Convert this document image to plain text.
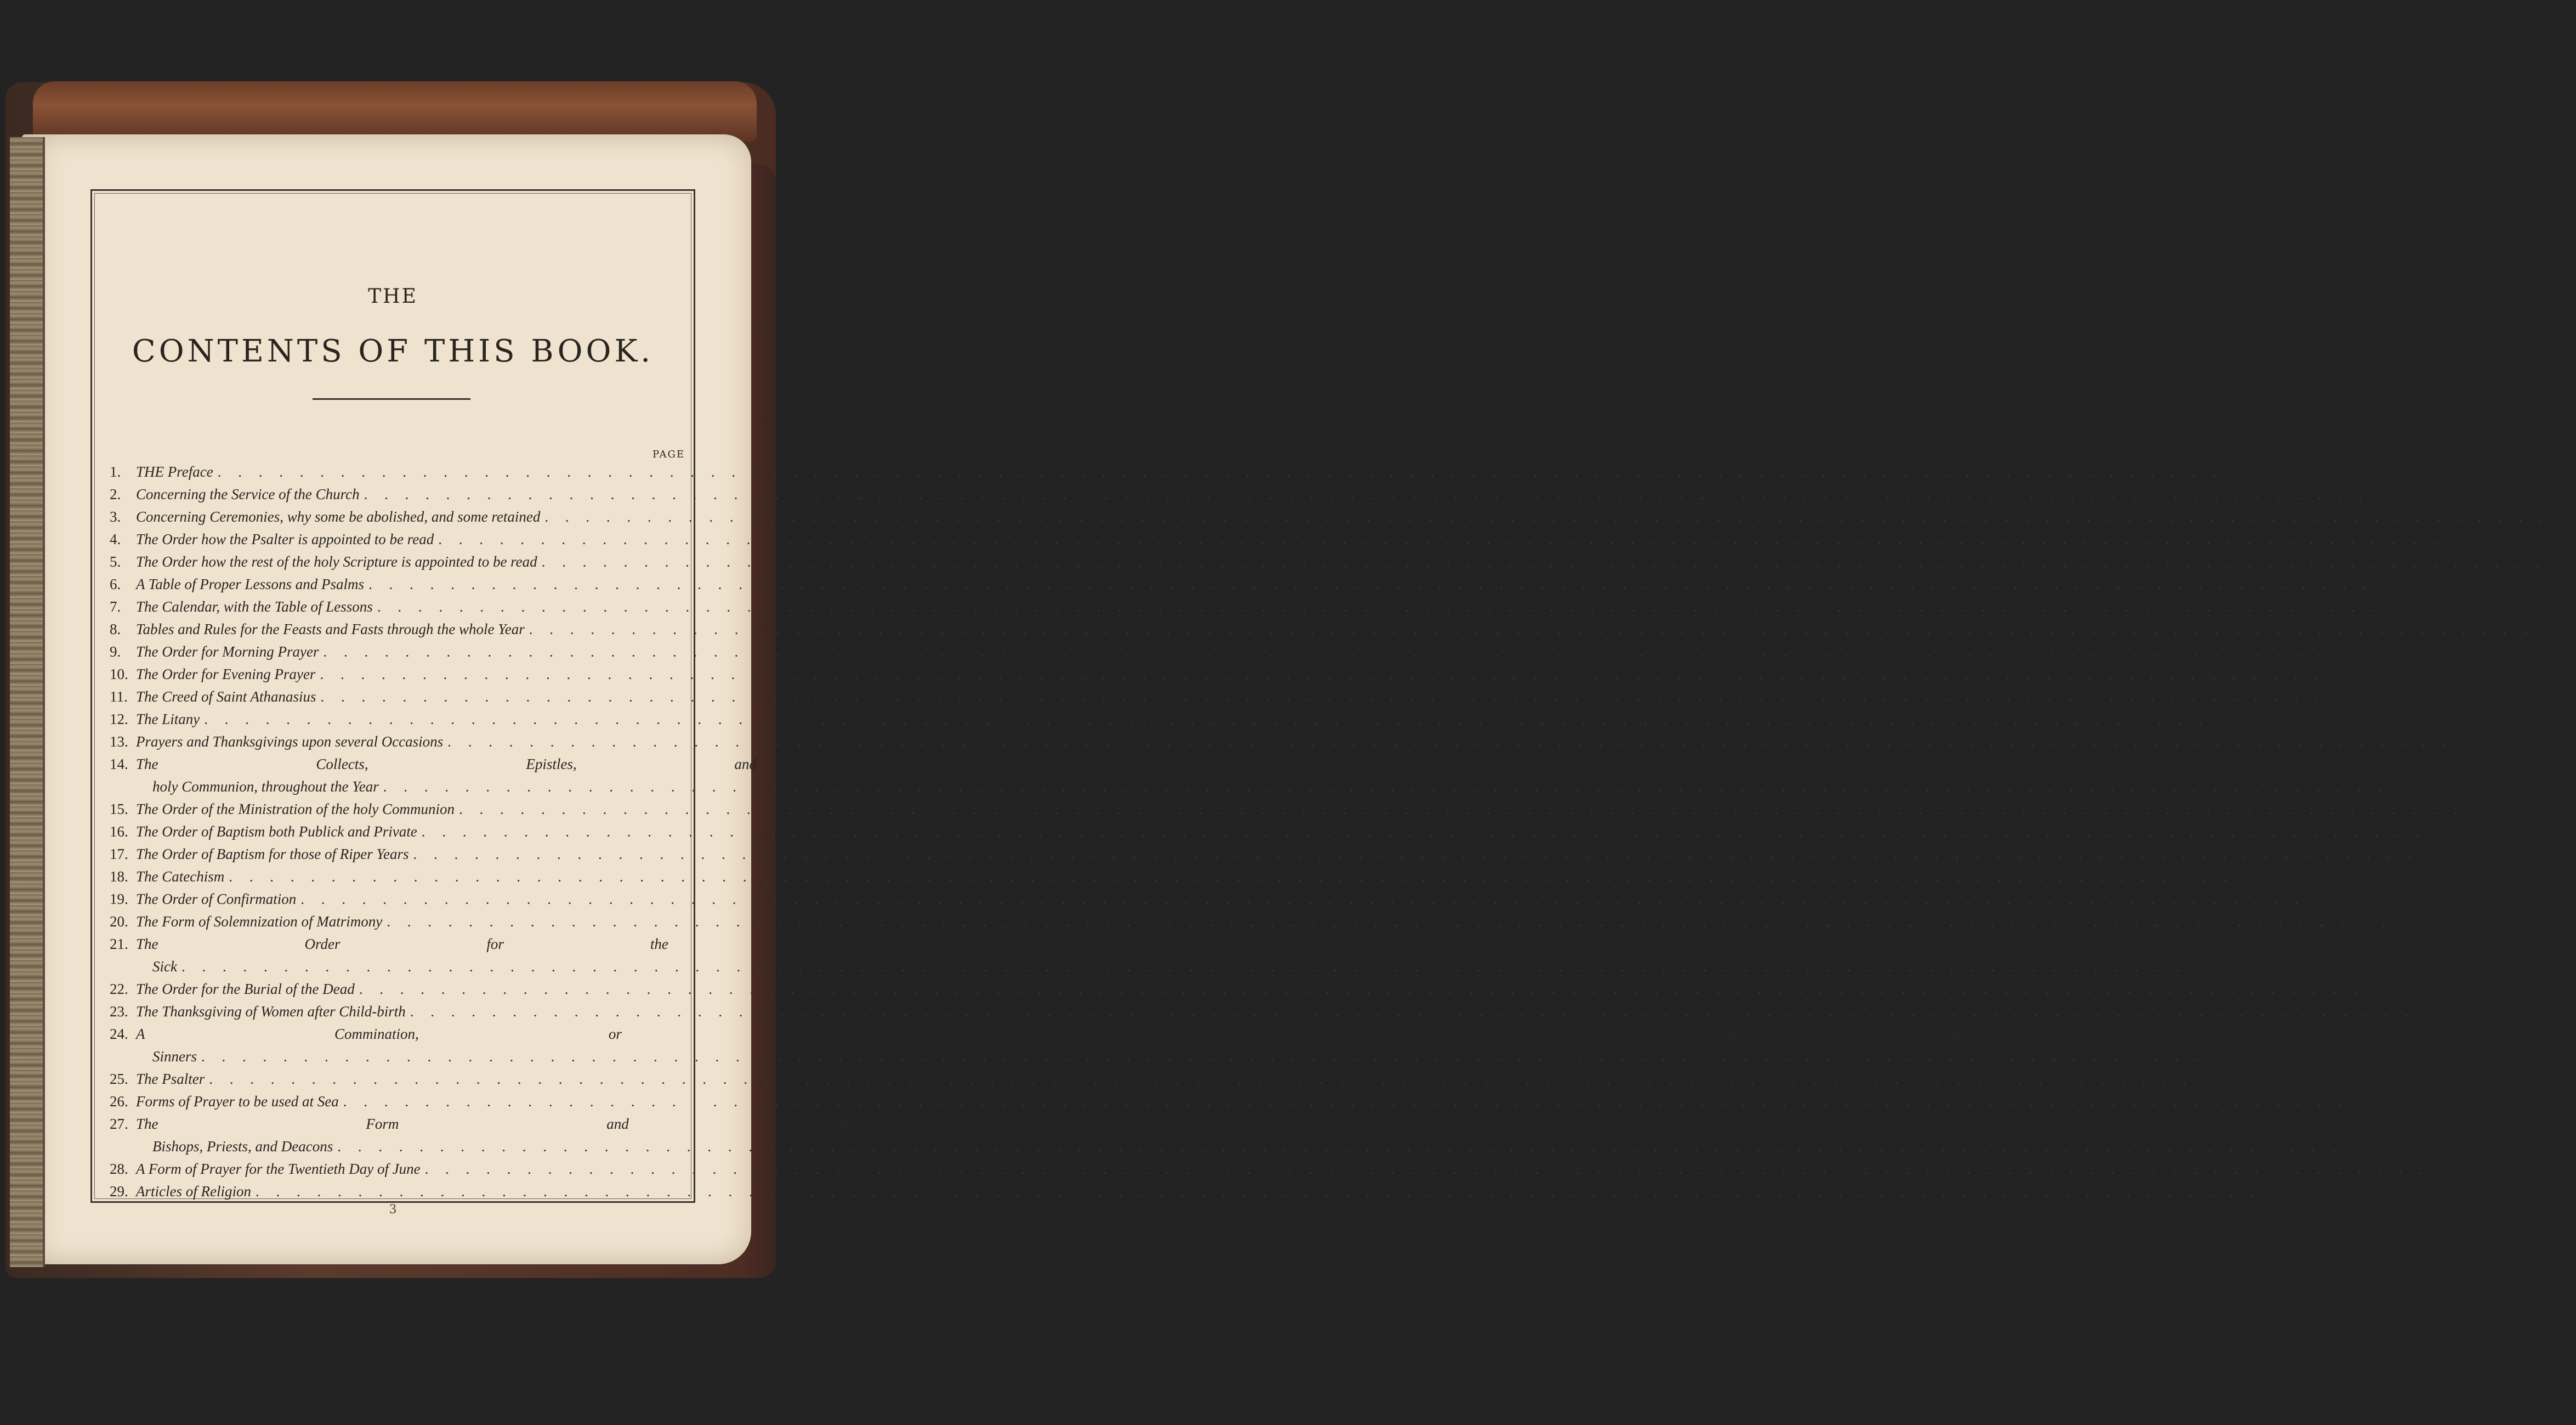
THE
CONTENTS OF THIS BOOK.
PAGE
1.	THE Preface . . .	4
2.	Concerning the Service of the Church . . .	5
3.	Concerning Ceremonies, why some be abolished, and some retained . . .	6
4.	The Order how the Psalter is appointed to be read . . .	7
5.	The Order how the rest of the holy Scripture is appointed to be read . . .	8
6.	A Table of Proper Lessons and Psalms . . .	9, 11, 12
7.	The Calendar, with the Table of Lessons . . .	13
8.	Tables and Rules for the Feasts and Fasts through the whole Year . . .	25
9.	The Order for Morning Prayer . . .	33
10. The Order for Evening Prayer . . .	48
11. The Creed of Saint Athanasius . . .	59
12. The Litany . . .	62
13. Prayers and Thanksgivings upon several Occasions . . .	70
14. The Collects, Epistles, and Gospels, to be used at the Ministration of the
holy Communion, throughout the Year . . .	79
15. The Order of the Ministration of the holy Communion . . .	256
16. The Order of Baptism both Publick and Private . . .	282, 287
17. The Order of Baptism for those of Riper Years . . .	291
18. The Catechism . . .	296
19. The Order of Confirmation . . .	301
20. The Form of Solemnization of Matrimony . . .	303
21. The Order for the Visitation of the Sick, and the Communion of the
Sick . . .	309, 315
22. The Order for the Burial of the Dead . . .	316
23. The Thanksgiving of Women after Child-birth . . .	321
24. A Commination, or denouncing of God's anger and judgements against
Sinners . . .	323
25. The Psalter . . .	328
26. Forms of Prayer to be used at Sea . . .	519
27. The Form and Manner of Making, Ordaining, and Consecrating of
Bishops, Priests, and Deacons . . .	528
28. A Form of Prayer for the Twentieth Day of June . . .	553
29. Articles of Religion . . .	564
3
